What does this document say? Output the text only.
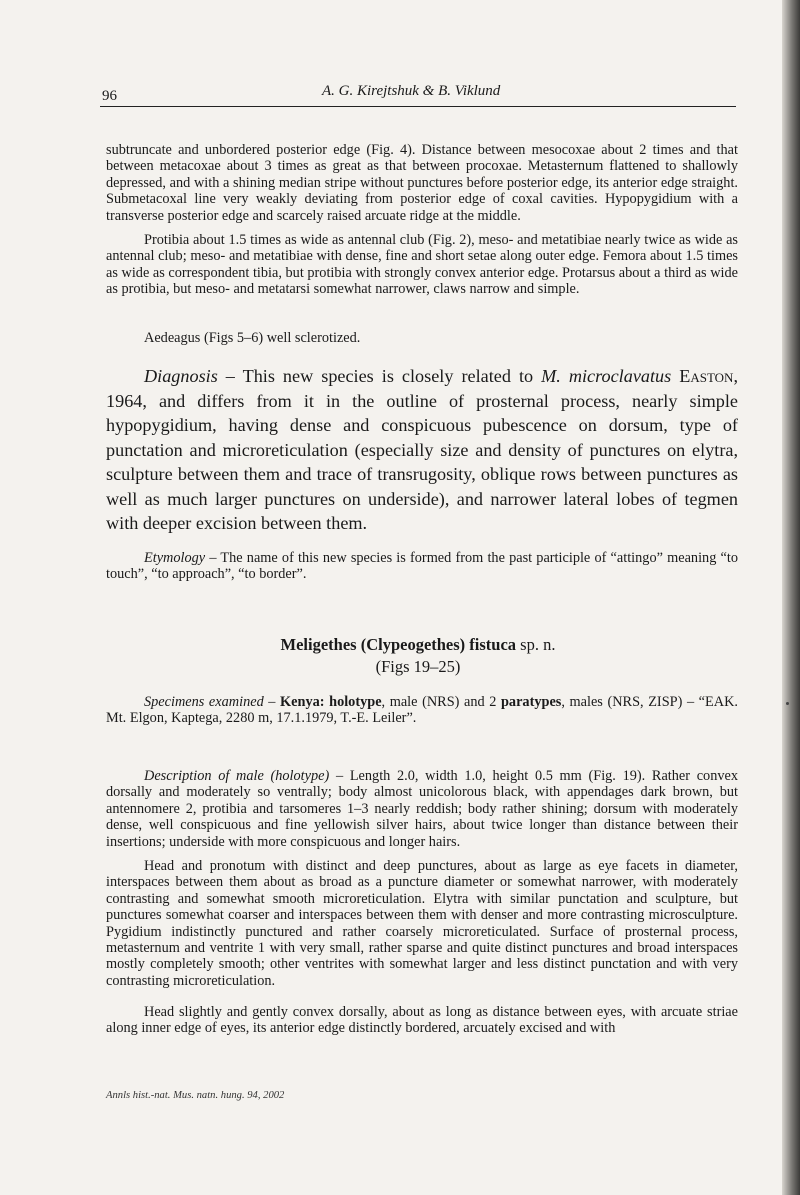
96	A. G. Kirejtshuk & B. Viklund

subtruncate and unbordered posterior edge (Fig. 4). Distance between mesocoxae about 2 times and that between metacoxae about 3 times as great as that between procoxae. Metasternum flattened to shallowly depressed, and with a shining median stripe without punctures before posterior edge, its anterior edge straight. Submetacoxal line very weakly deviating from posterior edge of coxal cavities. Hypopygidium with a transverse posterior edge and scarcely raised arcuate ridge at the middle.

Protibia about 1.5 times as wide as antennal club (Fig. 2), meso- and metatibiae nearly twice as wide as antennal club; meso- and metatibiae with dense, fine and short setae along outer edge. Femora about 1.5 times as wide as correspondent tibia, but protibia with strongly convex anterior edge. Protarsus about a third as wide as protibia, but meso- and metatarsi somewhat narrower, claws narrow and simple.

Aedeagus (Figs 5–6) well sclerotized.

Diagnosis – This new species is closely related to M. microclavatus Easton, 1964, and differs from it in the outline of prosternal process, nearly simple hypopygidium, having dense and conspicuous pubescence on dorsum, type of punctation and microreticulation (especially size and density of punctures on elytra, sculpture between them and trace of transrugosity, oblique rows between punctures as well as much larger punctures on underside), and narrower lateral lobes of tegmen with deeper excision between them.

Etymology – The name of this new species is formed from the past participle of “attingo” meaning “to touch”, “to approach”, “to border”.

Meligethes (Clypeogethes) fistuca sp. n.
(Figs 19–25)

Specimens examined – Kenya: holotype, male (NRS) and 2 paratypes, males (NRS, ZISP) – “EAK. Mt. Elgon, Kaptega, 2280 m, 17.1.1979, T.-E. Leiler”.

Description of male (holotype) – Length 2.0, width 1.0, height 0.5 mm (Fig. 19). Rather convex dorsally and moderately so ventrally; body almost unicolorous black, with appendages dark brown, but antennomere 2, protibia and tarsomeres 1–3 nearly reddish; body rather shining; dorsum with moderately dense, well conspicuous and fine yellowish silver hairs, about twice longer than distance between their insertions; underside with more conspicuous and longer hairs.

Head and pronotum with distinct and deep punctures, about as large as eye facets in diameter, interspaces between them about as broad as a puncture diameter or somewhat narrower, with moderately contrasting and somewhat smooth microreticulation. Elytra with similar punctation and sculpture, but punctures somewhat coarser and interspaces between them with denser and more contrasting microsculpture. Pygidium indistinctly punctured and rather coarsely microreticulated. Surface of prosternal process, metasternum and ventrite 1 with very small, rather sparse and quite distinct punctures and broad interspaces mostly completely smooth; other ventrites with somewhat larger and less distinct punctation and with very contrasting microreticulation.

Head slightly and gently convex dorsally, about as long as distance between eyes, with arcuate striae along inner edge of eyes, its anterior edge distinctly bordered, arcuately excised and with

Annls hist.-nat. Mus. natn. hung. 94, 2002
